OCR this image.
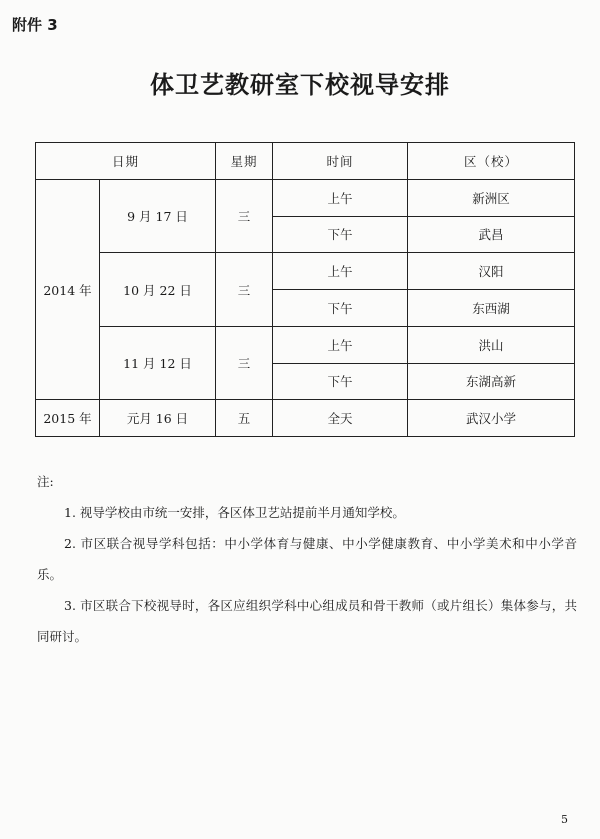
附件 3
体卫艺教研室下校视导安排
日期		星期	时间	区（校）
2014 年	9 月 17 日	三	上午	新洲区
			下午	武昌
	10 月 22 日	三	上午	汉阳
			下午	东西湖
	11 月 12 日	三	上午	洪山
			下午	东湖高新
2015 年	元月 16 日	五	全天	武汉小学

注:

1. 视导学校由市统一安排，各区体卫艺站提前半月通知学校。

2. 市区联合视导学科包括：中小学体育与健康、中小学健康教育、中小学美术和中小学音乐。

3. 市区联合下校视导时，各区应组织学科中心组成员和骨干教师（或片组长）集体参与，共同研讨。

5
